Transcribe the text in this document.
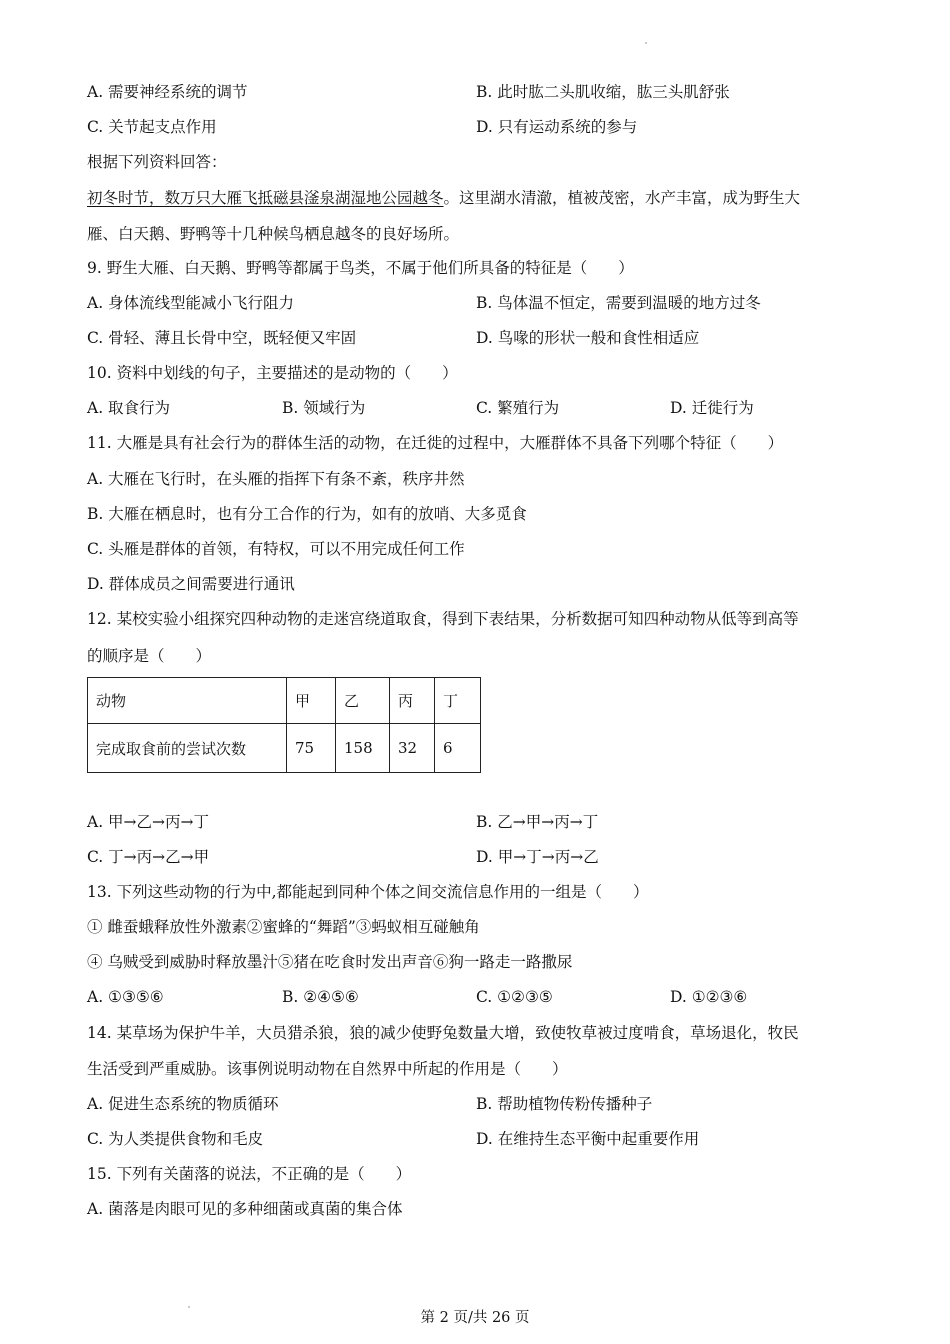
A. 需要神经系统的调节	B. 此时肱二头肌收缩，肱三头肌舒张
C. 关节起支点作用	D. 只有运动系统的参与
根据下列资料回答：
初冬时节，数万只大雁飞抵磁县滏泉湖湿地公园越冬。这里湖水清澈，植被茂密，水产丰富，成为野生大
雁、白天鹅、野鸭等十几种候鸟栖息越冬的良好场所。
9. 野生大雁、白天鹅、野鸭等都属于鸟类，不属于他们所具备的特征是（　　）
A. 身体流线型能减小飞行阻力	B. 鸟体温不恒定，需要到温暖的地方过冬
C. 骨轻、薄且长骨中空，既轻便又牢固	D. 鸟喙的形状一般和食性相适应
10. 资料中划线的句子，主要描述的是动物的（　　）
A. 取食行为	B. 领域行为	C. 繁殖行为	D. 迁徙行为
11. 大雁是具有社会行为的群体生活的动物，在迁徙的过程中，大雁群体不具备下列哪个特征（　　）
A. 大雁在飞行时，在头雁的指挥下有条不紊，秩序井然
B. 大雁在栖息时，也有分工合作的行为，如有的放哨、大多觅食
C. 头雁是群体的首领，有特权，可以不用完成任何工作
D. 群体成员之间需要进行通讯
12. 某校实验小组探究四种动物的走迷宫绕道取食，得到下表结果，分析数据可知四种动物从低等到高等
的顺序是（　　）
动物	甲	乙	丙	丁
完成取食前的尝试次数	75	158	32	6
A. 甲→乙→丙→丁	B. 乙→甲→丙→丁
C. 丁→丙→乙→甲	D. 甲→丁→丙→乙
13. 下列这些动物的行为中,都能起到同种个体之间交流信息作用的一组是（　　）
① 雌蚕蛾释放性外激素②蜜蜂的“舞蹈”③蚂蚁相互碰触角
④ 乌贼受到威胁时释放墨汁⑤猪在吃食时发出声音⑥狗一路走一路撒尿
A. ①③⑤⑥	B. ②④⑤⑥	C. ①②③⑤	D. ①②③⑥
14. 某草场为保护牛羊，大员猎杀狼，狼的减少使野兔数量大增，致使牧草被过度啃食，草场退化，牧民
生活受到严重威胁。该事例说明动物在自然界中所起的作用是（　　）
A. 促进生态系统的物质循环	B. 帮助植物传粉传播种子
C. 为人类提供食物和毛皮	D. 在维持生态平衡中起重要作用
15. 下列有关菌落的说法，不正确的是（　　）
A. 菌落是肉眼可见的多种细菌或真菌的集合体
第 2 页/共 26 页
